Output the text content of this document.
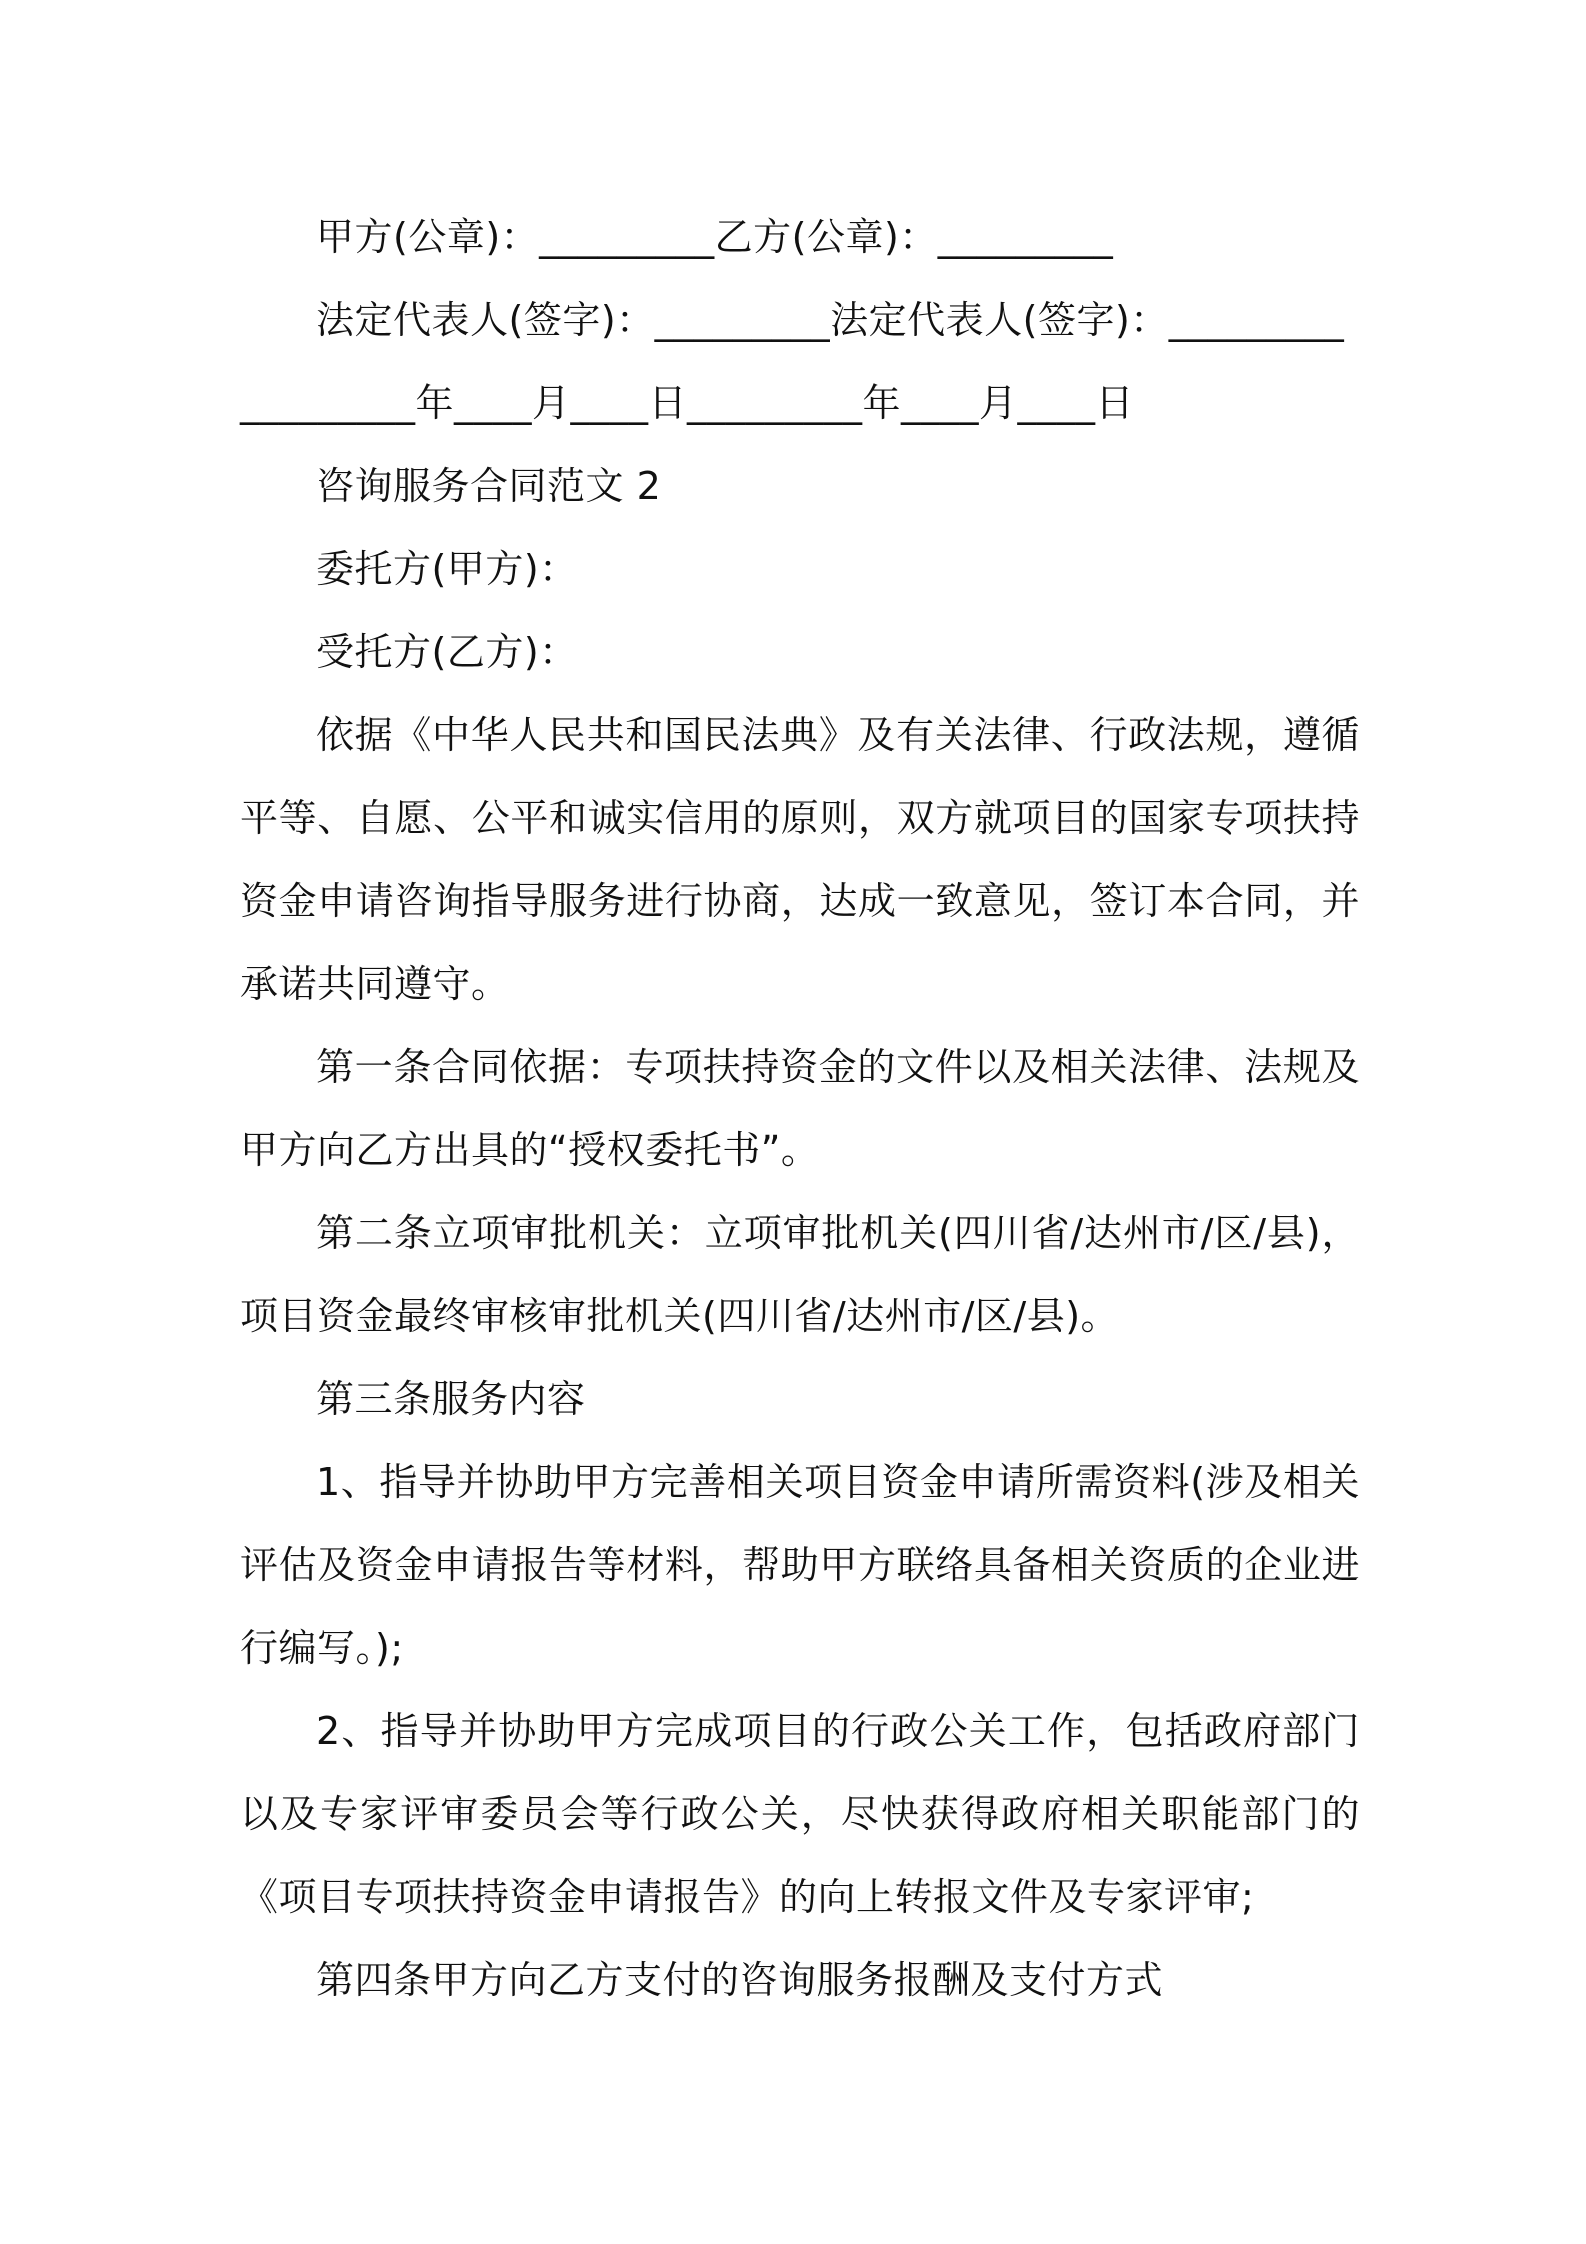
甲方(公章)：_________乙方(公章)：_________

法定代表人(签字)：_________法定代表人(签字)：_________

_________年____月____日_________年____月____日

咨询服务合同范文 2

委托方(甲方)：

受托方(乙方)：

依据《中华人民共和国民法典》及有关法律、行政法规，遵循平等、自愿、公平和诚实信用的原则，双方就项目的国家专项扶持资金申请咨询指导服务进行协商，达成一致意见，签订本合同，并承诺共同遵守。

第一条合同依据：专项扶持资金的文件以及相关法律、法规及甲方向乙方出具的“授权委托书”。

第二条立项审批机关：立项审批机关(四川省/达州市/区/县)，项目资金最终审核审批机关(四川省/达州市/区/县)。

第三条服务内容

1、指导并协助甲方完善相关项目资金申请所需资料(涉及相关评估及资金申请报告等材料，帮助甲方联络具备相关资质的企业进行编写。);

2、指导并协助甲方完成项目的行政公关工作，包括政府部门以及专家评审委员会等行政公关，尽快获得政府相关职能部门的《项目专项扶持资金申请报告》的向上转报文件及专家评审;

第四条甲方向乙方支付的咨询服务报酬及支付方式
